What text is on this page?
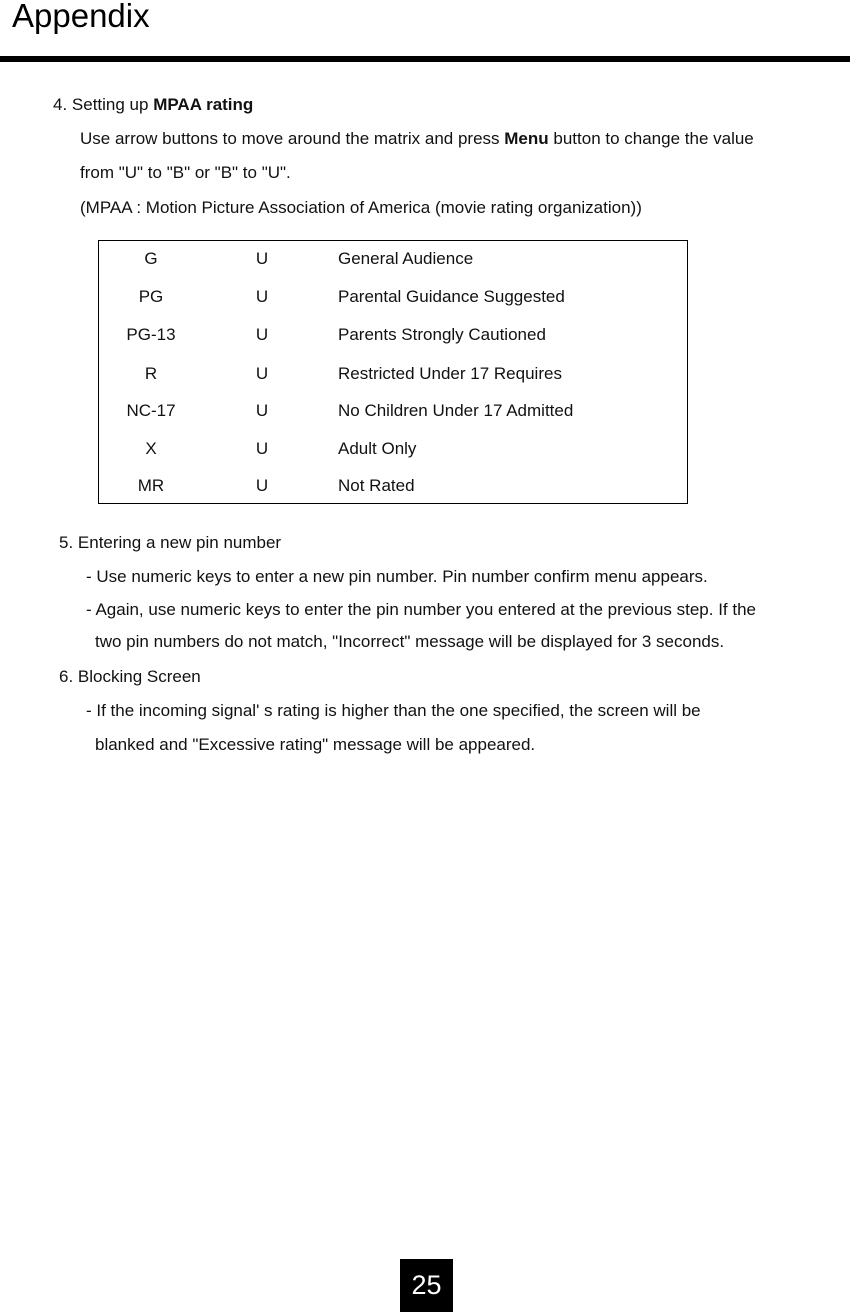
Appendix
4. Setting up MPAA rating
Use arrow buttons to move around the matrix and press Menu button to change the value
from "U" to "B" or "B" to "U".
(MPAA : Motion Picture Association of America (movie rating organization))
G	U	General Audience
PG	U	Parental Guidance Suggested
PG-13	U	Parents Strongly Cautioned
R	U	Restricted Under 17 Requires
NC-17	U	No Children Under 17 Admitted
X	U	Adult Only
MR	U	Not Rated
5. Entering a new pin number
- Use numeric keys to enter a new pin number. Pin number confirm menu appears.
- Again, use numeric keys to enter the pin number you entered at the previous step. If the
two pin numbers do not match, "Incorrect" message will be displayed for 3 seconds.
6. Blocking Screen
- If the incoming signal' s rating is higher than the one specified, the screen will be
blanked and "Excessive rating" message will be appeared.
25
